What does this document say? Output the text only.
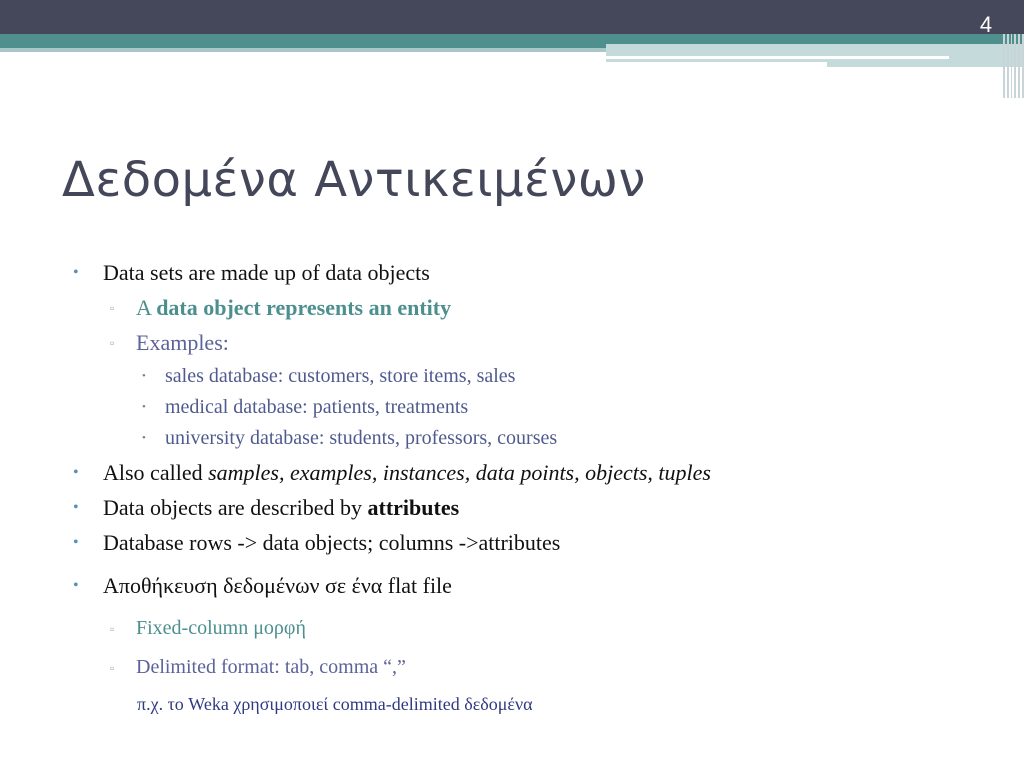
4
Δεδομένα Αντικειμένων
• Data sets are made up of data objects
▫ A data object represents an entity
▫ Examples:
• sales database: customers, store items, sales
• medical database: patients, treatments
• university database: students, professors, courses
• Also called samples, examples, instances, data points, objects, tuples
• Data objects are described by attributes
• Database rows -> data objects; columns ->attributes
• Αποθήκευση δεδομένων σε ένα flat file
▫ Fixed-column μορφή
▫ Delimited format: tab, comma “,”
π.χ. το Weka χρησιμοποιεί comma-delimited δεδομένα
